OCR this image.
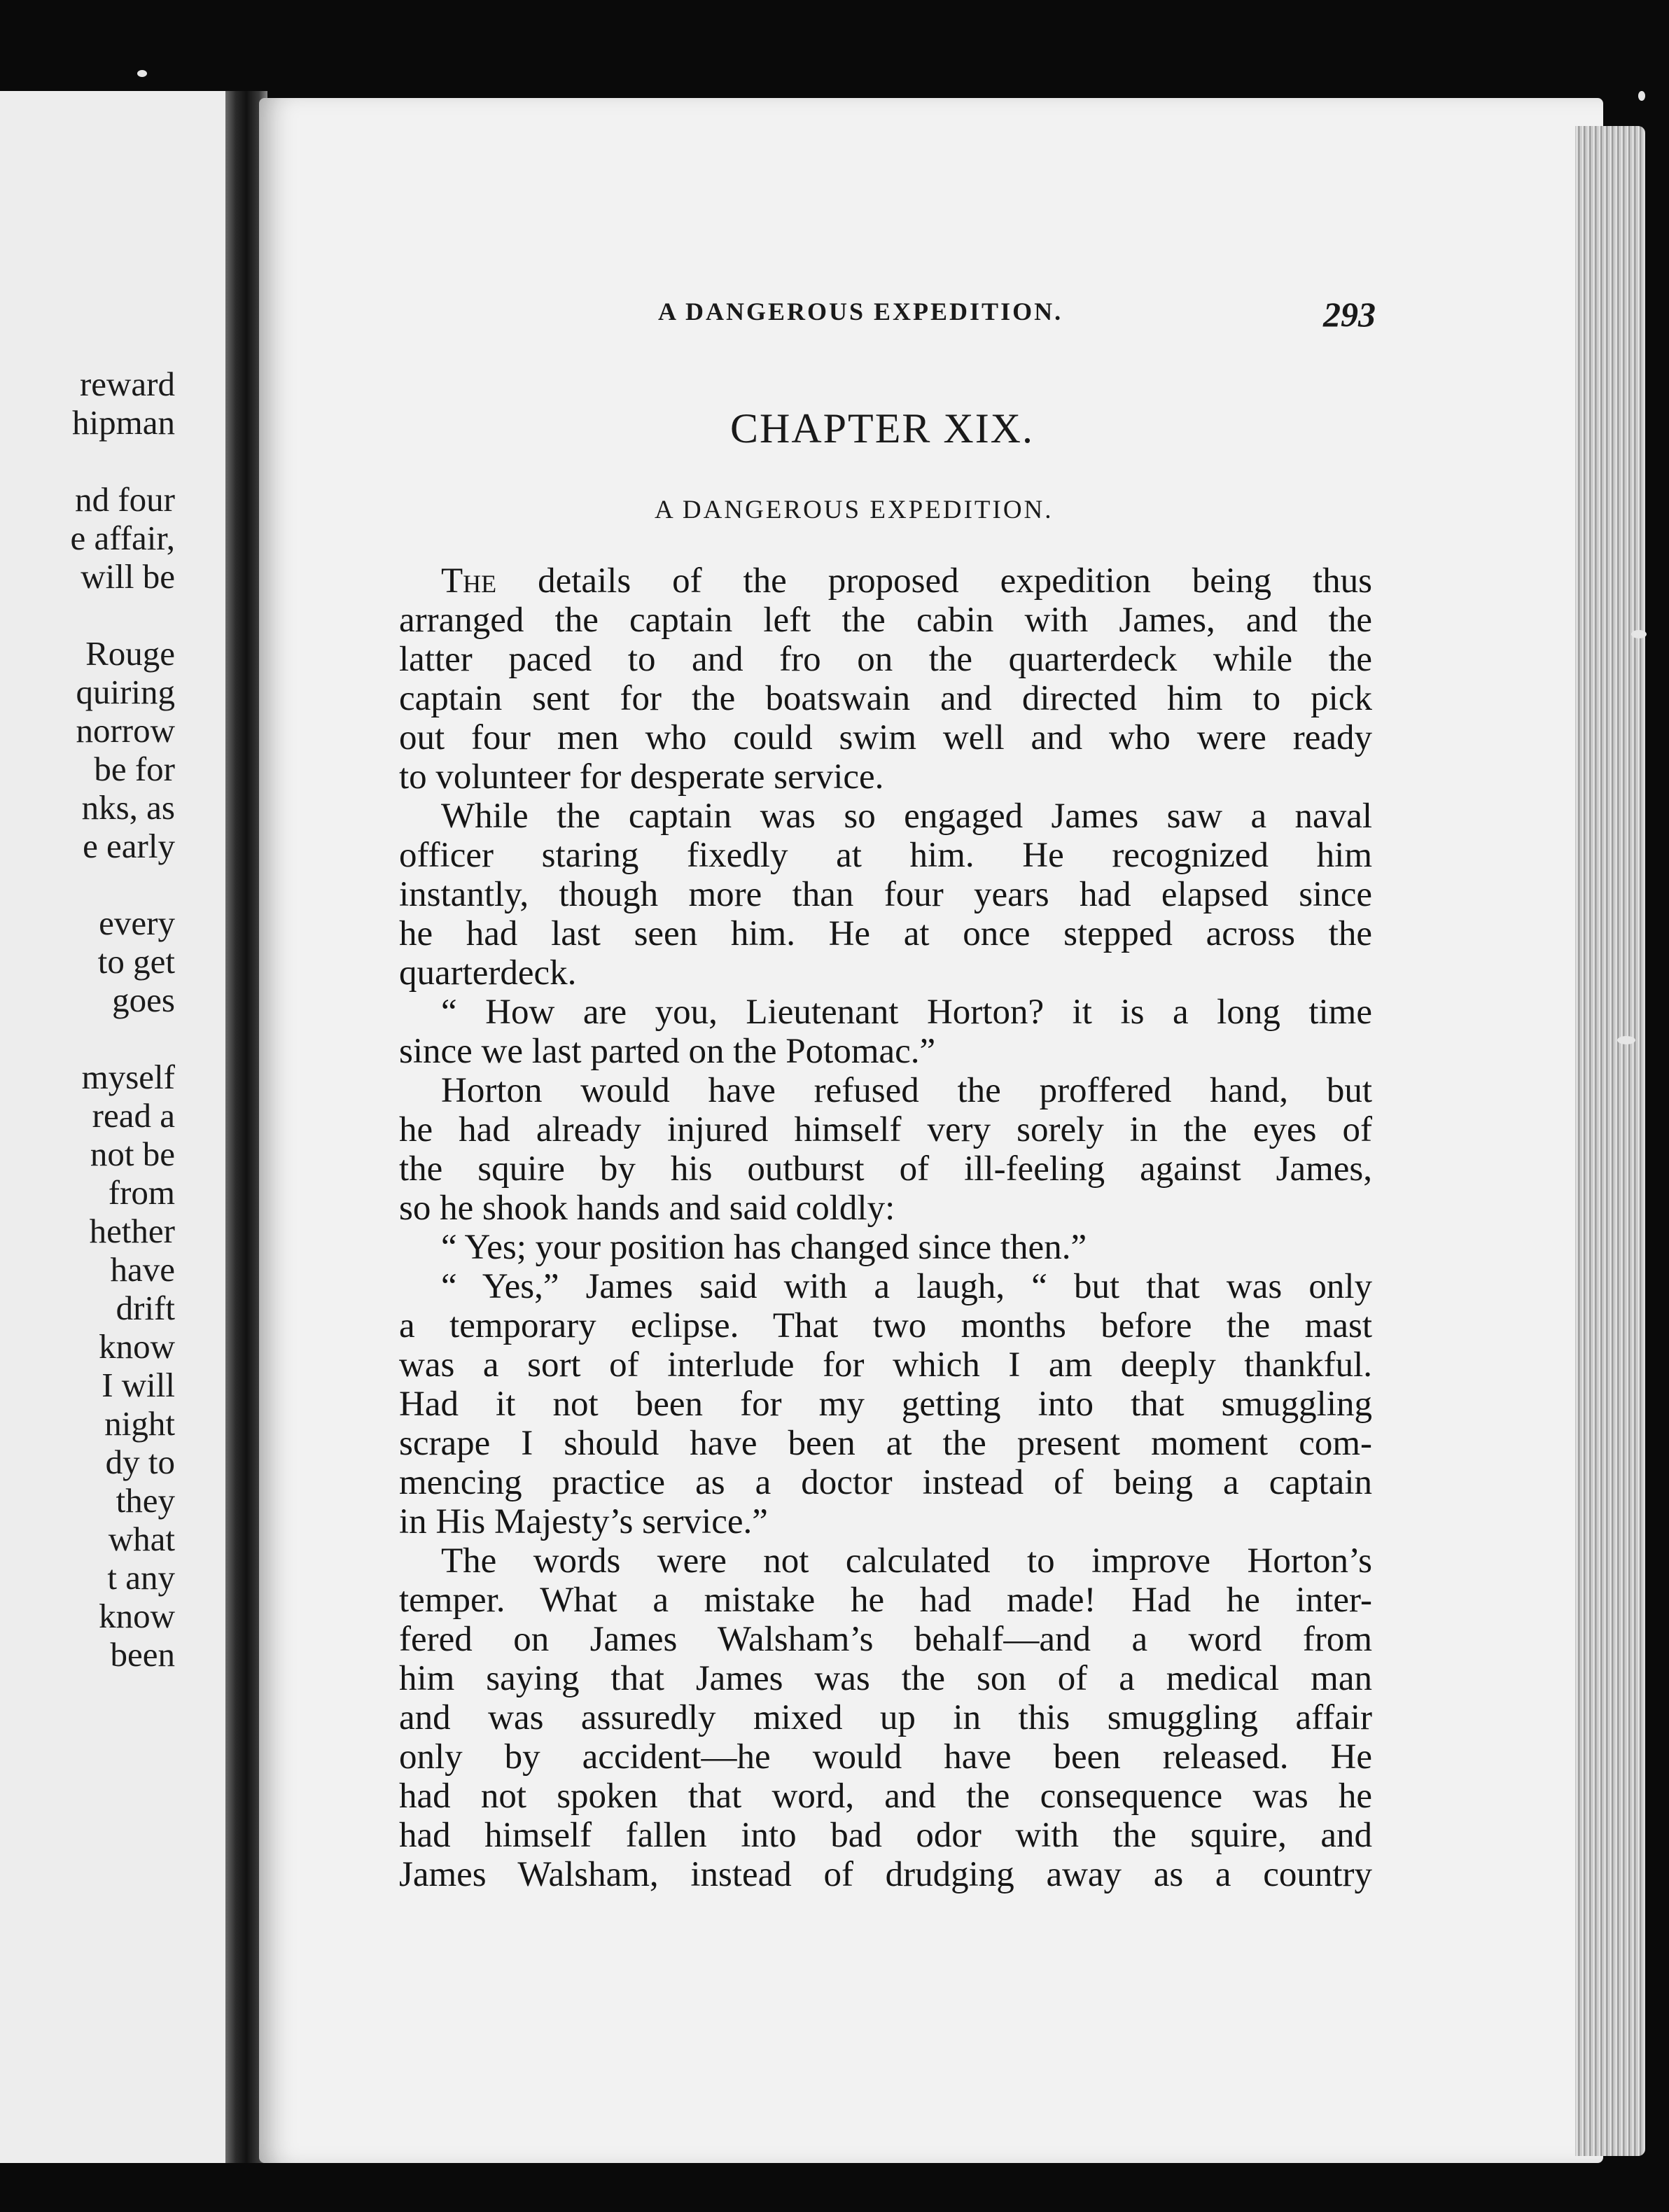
reward
hipman
nd four
e affair,
will be
Rouge
quiring
norrow
be for
nks, as
e early
every
to get
goes
myself
read a
not be
from
hether
have
drift
know
I will
night
dy to
they
what
t any
know
been
A DANGEROUS EXPEDITION.	293
CHAPTER XIX.
A DANGEROUS EXPEDITION.
The details of the proposed expedition being thus
arranged the captain left the cabin with James, and the
latter paced to and fro on the quarterdeck while the
captain sent for the boatswain and directed him to pick
out four men who could swim well and who were ready
to volunteer for desperate service.
While the captain was so engaged James saw a naval
officer staring fixedly at him. He recognized him
instantly, though more than four years had elapsed since
he had last seen him. He at once stepped across the
quarterdeck.
“ How are you, Lieutenant Horton? it is a long time
since we last parted on the Potomac.”
Horton would have refused the proffered hand, but
he had already injured himself very sorely in the eyes of
the squire by his outburst of ill-feeling against James,
so he shook hands and said coldly:
“ Yes; your position has changed since then.”
“ Yes,” James said with a laugh, “ but that was only
a temporary eclipse. That two months before the mast
was a sort of interlude for which I am deeply thankful.
Had it not been for my getting into that smuggling
scrape I should have been at the present moment com-
mencing practice as a doctor instead of being a captain
in His Majesty’s service.”
The words were not calculated to improve Horton’s
temper. What a mistake he had made! Had he inter-
fered on James Walsham’s behalf—and a word from
him saying that James was the son of a medical man
and was assuredly mixed up in this smuggling affair
only by accident—he would have been released. He
had not spoken that word, and the consequence was he
had himself fallen into bad odor with the squire, and
James Walsham, instead of drudging away as a country
